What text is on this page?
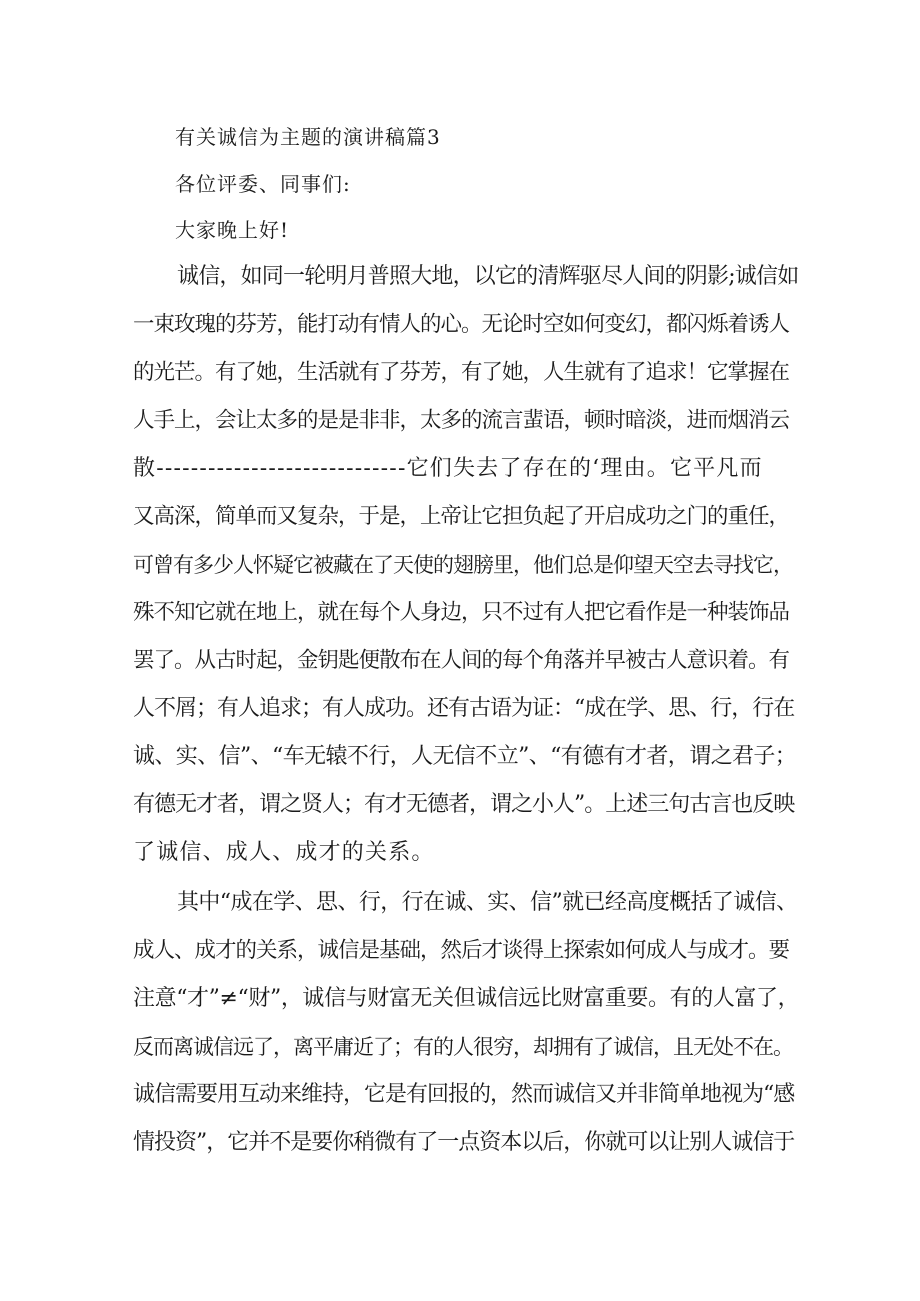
有关诚信为主题的演讲稿篇3
各位评委、同事们:
大家晚上好!
诚信，如同一轮明月普照大地，以它的清辉驱尽人间的阴影;诚信如
一束玫瑰的芬芳，能打动有情人的心。无论时空如何变幻，都闪烁着诱人
的光芒。有了她，生活就有了芬芳，有了她，人生就有了追求！它掌握在
人手上，会让太多的是是非非，太多的流言蜚语，顿时暗淡，进而烟消云
散-----------------------------它们失去了存在的‘理由。它平凡而
又高深，简单而又复杂，于是，上帝让它担负起了开启成功之门的重任，
可曾有多少人怀疑它被藏在了天使的翅膀里，他们总是仰望天空去寻找它，
殊不知它就在地上，就在每个人身边，只不过有人把它看作是一种装饰品
罢了。从古时起，金钥匙便散布在人间的每个角落并早被古人意识着。有
人不屑；有人追求；有人成功。还有古语为证：“成在学、思、行，行在
诚、实、信”、“车无辕不行，人无信不立”、“有德有才者，谓之君子；
有德无才者，谓之贤人；有才无德者，谓之小人”。上述三句古言也反映
了诚信、成人、成才的关系。
其中“成在学、思、行，行在诚、实、信”就已经高度概括了诚信、
成人、成才的关系，诚信是基础，然后才谈得上探索如何成人与成才。要
注意“才”≠“财”，诚信与财富无关但诚信远比财富重要。有的人富了，
反而离诚信远了，离平庸近了；有的人很穷，却拥有了诚信，且无处不在。
诚信需要用互动来维持，它是有回报的，然而诚信又并非简单地视为“感
情投资”，它并不是要你稍微有了一点资本以后，你就可以让别人诚信于
